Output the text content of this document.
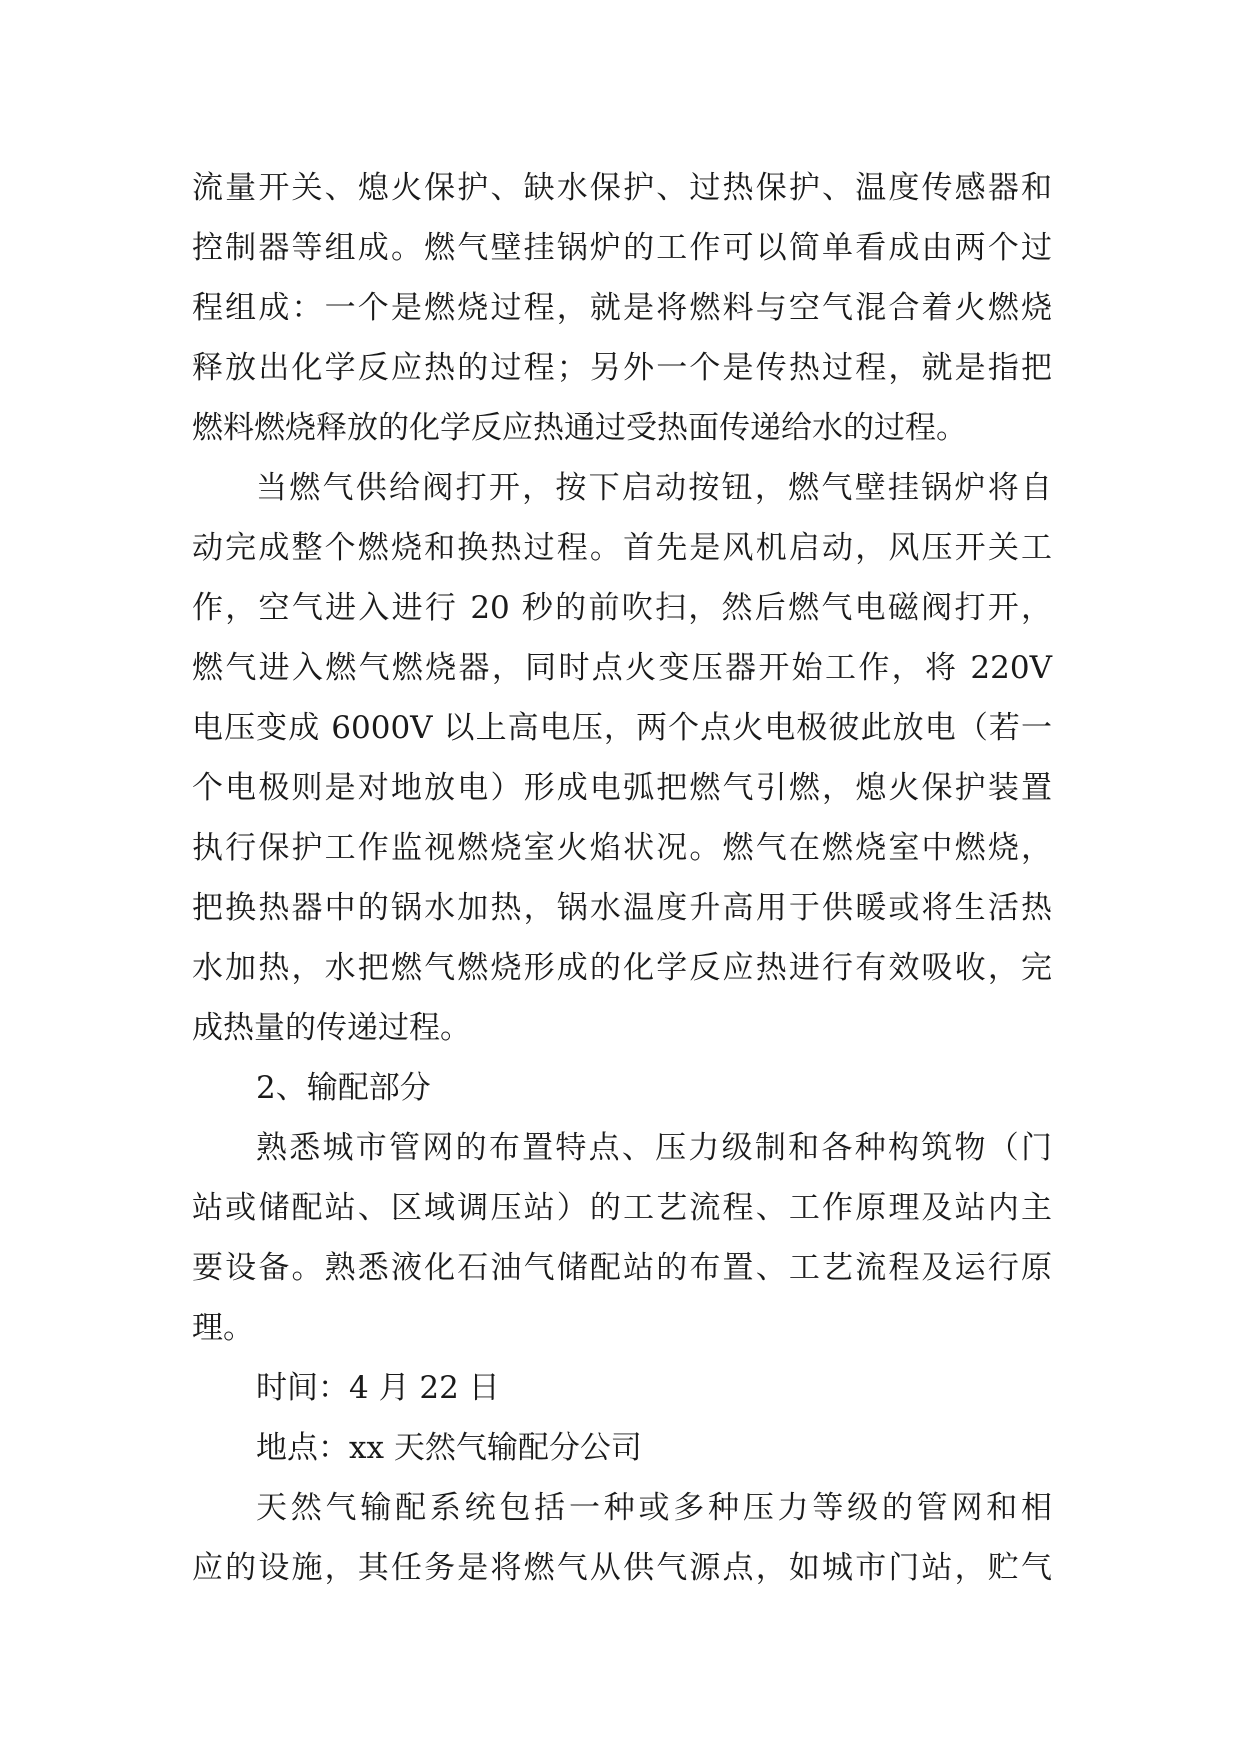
流量开关、熄火保护、缺水保护、过热保护、温度传感器和
控制器等组成。燃气壁挂锅炉的工作可以简单看成由两个过
程组成：一个是燃烧过程，就是将燃料与空气混合着火燃烧
释放出化学反应热的过程；另外一个是传热过程，就是指把
燃料燃烧释放的化学反应热通过受热面传递给水的过程。
当燃气供给阀打开，按下启动按钮，燃气壁挂锅炉将自
动完成整个燃烧和换热过程。首先是风机启动，风压开关工
作，空气进入进行 20 秒的前吹扫，然后燃气电磁阀打开，
燃气进入燃气燃烧器，同时点火变压器开始工作，将 220V
电压变成 6000V 以上高电压，两个点火电极彼此放电（若一
个电极则是对地放电）形成电弧把燃气引燃，熄火保护装置
执行保护工作监视燃烧室火焰状况。燃气在燃烧室中燃烧，
把换热器中的锅水加热，锅水温度升高用于供暖或将生活热
水加热，水把燃气燃烧形成的化学反应热进行有效吸收，完
成热量的传递过程。
2、输配部分
熟悉城市管网的布置特点、压力级制和各种构筑物（门
站或储配站、区域调压站）的工艺流程、工作原理及站内主
要设备。熟悉液化石油气储配站的布置、工艺流程及运行原
理。
时间：4 月 22 日
地点：xx 天然气输配分公司
天然气输配系统包括一种或多种压力等级的管网和相
应的设施，其任务是将燃气从供气源点，如城市门站，贮气
